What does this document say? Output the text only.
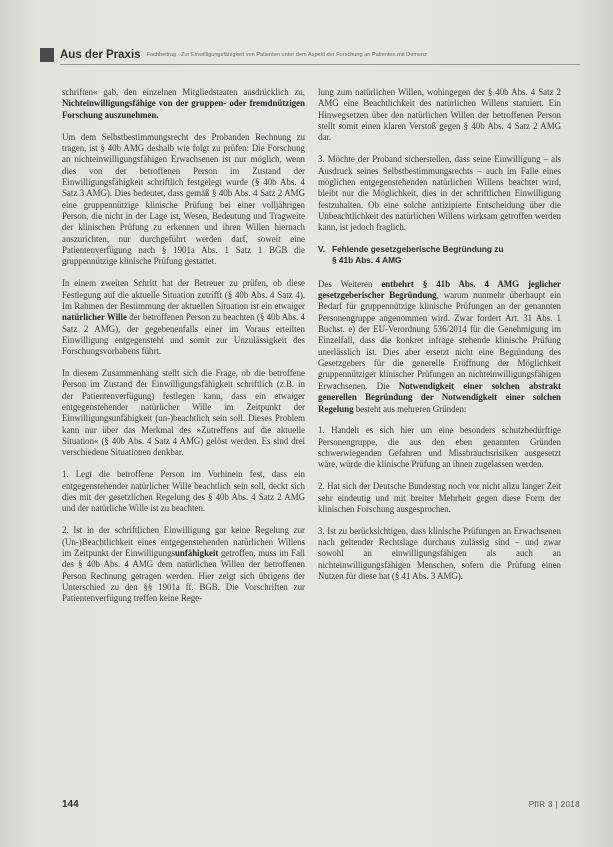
Aus der Praxis Fachbeitrag · Zur Einwilligungsfähigkeit von Patienten unter dem Aspekt der Forschung an Patienten mit Demenz

schriften« gab, den einzelnen Mitgliedstaaten ausdrücklich zu, Nichteinwilligungsfähige von der gruppen- oder fremdnützigen Forschung auszunehmen.

Um dem Selbstbestimmungsrecht des Probanden Rechnung zu tragen, ist § 40b AMG deshalb wie folgt zu prüfen: Die Forschung an nichteinwilligungsfähigen Erwachsenen ist nur möglich, wenn dies von der betroffenen Person im Zustand der Einwilligungsfähigkeit schriftlich festgelegt wurde (§ 40b Abs. 4 Satz 3 AMG). Dies bedeutet, dass gemäß § 40b Abs. 4 Satz 2 AMG eine gruppennützige klinische Prüfung bei einer volljährigen Person, die nicht in der Lage ist, Wesen, Bedeutung und Tragweite der klinischen Prüfung zu erkennen und ihren Willen hiernach auszurichten, nur durchgeführt werden darf, soweit eine Patientenverfügung nach § 1901a Abs. 1 Satz 1 BGB die gruppennützige klinische Prüfung gestattet.

In einem zweiten Schritt hat der Betreuer zu prüfen, ob diese Festlegung auf die aktuelle Situation zutrifft (§ 40b Abs. 4 Satz 4). Im Rahmen der Bestimmung der aktuellen Situation ist ein etwaiger natürlicher Wille der betroffenen Person zu beachten (§ 40b Abs. 4 Satz 2 AMG), der gegebenenfalls einer im Voraus erteilten Einwilligung entgegensteht und somit zur Unzulässigkeit des Forschungsvorhabens führt.

In diesem Zusammenhang stellt sich die Frage, ob die betroffene Person im Zustand der Einwilligungsfähigkeit schriftlich (z.B. in der Patientenverfügung) festlegen kann, dass ein etwaiger entgegenstehender natürlicher Wille im Zeitpunkt der Einwilligungsunfähigkeit (un-)beachtlich sein soll. Dieses Problem kann nur über das Merkmal des »Zutreffens auf die aktuelle Situation« (§ 40b Abs. 4 Satz 4 AMG) gelöst werden. Es sind drei verschiedene Situationen denkbar.

1. Legt die betroffene Person im Vorhinein fest, dass ein entgegenstehender natürlicher Wille beachtlich sein soll, deckt sich dies mit der gesetzlichen Regelung des § 40b Abs. 4 Satz 2 AMG und der natürliche Wille ist zu beachten.

2. Ist in der schriftlichen Einwilligung gar keine Regelung zur (Un-)Beachtlichkeit eines entgegenstehenden natürlichen Willens im Zeitpunkt der Einwilligungsunfähigkeit getroffen, muss im Fall des § 40b Abs. 4 AMG dem natürlichen Willen der betroffenen Person Rechnung getragen werden. Hier zeigt sich übrigens der Unterschied zu den §§ 1901a ff. BGB. Die Vorschriften zur Patientenverfügung treffen keine Rege-

lung zum natürlichen Willen, wohingegen der § 40b Abs. 4 Satz 2 AMG eine Beachtlichkeit des natürlichen Willens statuiert. Ein Hinwegsetzen über den natürlichen Willen der betroffenen Person stellt somit einen klaren Verstoß gegen § 40b Abs. 4 Satz 2 AMG dar.

3. Möchte der Proband sicherstellen, dass seine Einwilligung – als Ausdruck seines Selbstbestimmungsrechts – auch im Falle eines möglichen entgegenstehenden natürlichen Willens beachtet wird, bleibt nur die Möglichkeit, dies in der schriftlichen Einwilligung festzuhalten. Ob eine solche antizipierte Entscheidung über die Unbeachtlichkeit des natürlichen Willens wirksam getroffen werden kann, ist jedoch fraglich.

V. Fehlende gesetzgeberische Begründung zu
§ 41b Abs. 4 AMG

Des Weiteren entbehrt § 41b Abs. 4 AMG jeglicher gesetzgeberischer Begründung, warum nunmehr überhaupt ein Bedarf für gruppennützige klinische Prüfungen an der genannten Personengruppe angenommen wird. Zwar fordert Art. 31 Abs. 1 Buchst. e) der EU-Verordnung 536/2014 für die Genehmigung im Einzelfall, dass die konkret infrage stehende klinische Prüfung unerlässlich ist. Dies aber ersetzt nicht eine Begründung des Gesetzgebers für die generelle Eröffnung der Möglichkeit gruppennütziger klinischer Prüfungen an nichteinwilligungsfähigen Erwachsenen. Die Notwendigkeit einer solchen abstrakt generellen Begründung der Notwendigkeit einer solchen Regelung besteht aus mehreren Gründen:

1. Handelt es sich hier um eine besonders schutzbedürftige Personengruppe, die aus den eben genannten Gründen schwerwiegenden Gefahren und Missbrauchsrisiken ausgesetzt wäre, würde die klinische Prüfung an ihnen zugelassen werden.

2. Hat sich der Deutsche Bundestag noch vor nicht allzu langer Zeit sehr eindeutig und mit breiter Mehrheit gegen diese Form der klinischen Forschung ausgesprochen.

3. Ist zu berücksichtigen, dass klinische Prüfungen an Erwachsenen nach geltender Rechtslage durchaus zulässig sind – und zwar sowohl an einwilligungsfähigen als auch an nichteinwilligungsfähigen Menschen, sofern die Prüfung einen Nutzen für diese hat (§ 41 Abs. 3 AMG).

144	PflR 3 | 2018
